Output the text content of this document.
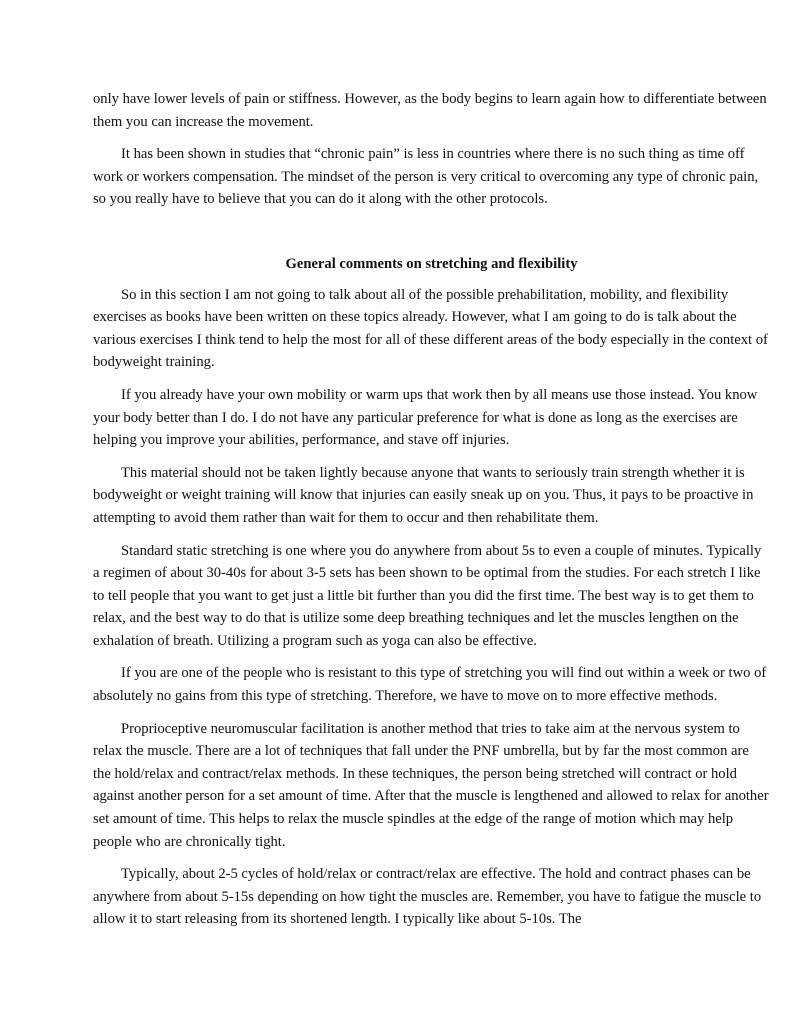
only have lower levels of pain or stiffness. However, as the body begins to learn again how to differentiate between them you can increase the movement.

It has been shown in studies that “chronic pain” is less in countries where there is no such thing as time off work or workers compensation. The mindset of the person is very critical to overcoming any type of chronic pain, so you really have to believe that you can do it along with the other protocols.

General comments on stretching and flexibility

So in this section I am not going to talk about all of the possible prehabilitation, mobility, and flexibility exercises as books have been written on these topics already. However, what I am going to do is talk about the various exercises I think tend to help the most for all of these different areas of the body especially in the context of bodyweight training.

If you already have your own mobility or warm ups that work then by all means use those instead. You know your body better than I do. I do not have any particular preference for what is done as long as the exercises are helping you improve your abilities, performance, and stave off injuries.

This material should not be taken lightly because anyone that wants to seriously train strength whether it is bodyweight or weight training will know that injuries can easily sneak up on you. Thus, it pays to be proactive in attempting to avoid them rather than wait for them to occur and then rehabilitate them.

Standard static stretching is one where you do anywhere from about 5s to even a couple of minutes. Typically a regimen of about 30-40s for about 3-5 sets has been shown to be optimal from the studies. For each stretch I like to tell people that you want to get just a little bit further than you did the first time. The best way is to get them to relax, and the best way to do that is utilize some deep breathing techniques and let the muscles lengthen on the exhalation of breath. Utilizing a program such as yoga can also be effective.

If you are one of the people who is resistant to this type of stretching you will find out within a week or two of absolutely no gains from this type of stretching. Therefore, we have to move on to more effective methods.

Proprioceptive neuromuscular facilitation is another method that tries to take aim at the nervous system to relax the muscle. There are a lot of techniques that fall under the PNF umbrella, but by far the most common are the hold/relax and contract/relax methods. In these techniques, the person being stretched will contract or hold against another person for a set amount of time. After that the muscle is lengthened and allowed to relax for another set amount of time. This helps to relax the muscle spindles at the edge of the range of motion which may help people who are chronically tight.

Typically, about 2-5 cycles of hold/relax or contract/relax are effective. The hold and contract phases can be anywhere from about 5-15s depending on how tight the muscles are. Remember, you have to fatigue the muscle to allow it to start releasing from its shortened length. I typically like about 5-10s. The
